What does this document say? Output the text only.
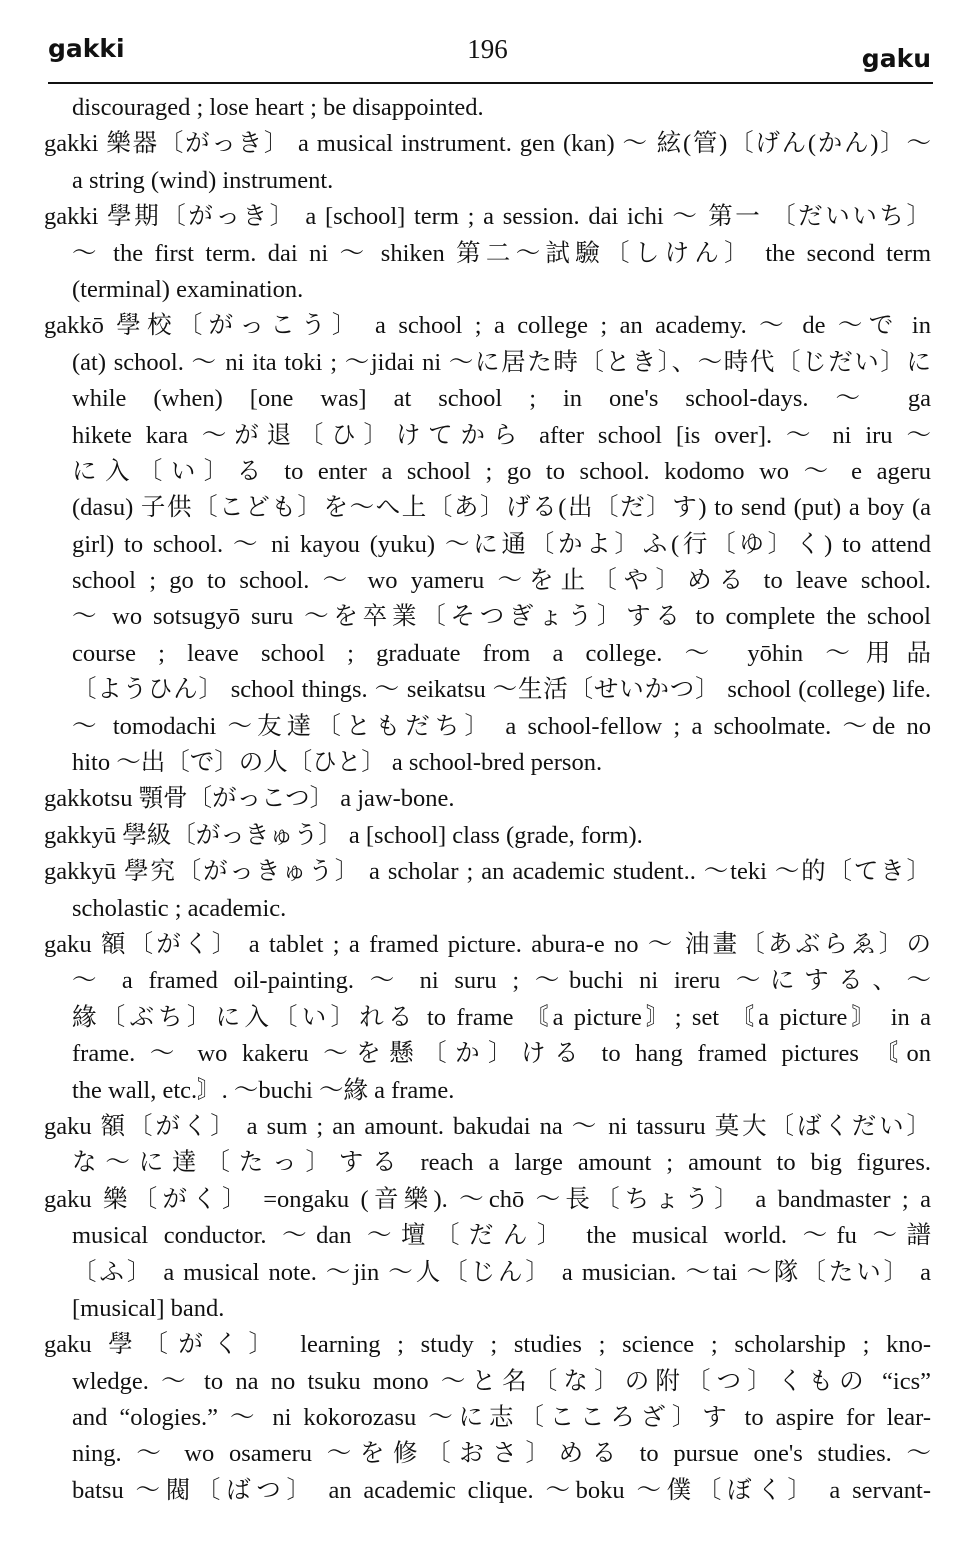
gakki	196	gaku
discouraged ; lose heart ; be disappointed.
gakki 樂器〔がっき〕 a musical instrument. gen (kan) ～ 絃(管)〔げん(かん)〕～
a string (wind) instrument.
gakki 學期〔がっき〕 a [school] term ; a session. dai ichi ～ 第一 〔だいいち〕
～ the first term. dai ni ～ shiken 第二～試驗〔しけん〕 the second term
(terminal) examination.
gakkō 學校〔がっこう〕 a school ; a college ; an academy. ～ de ～で in
(at) school. ～ ni ita toki ; ～jidai ni ～に居た時〔とき〕、～時代〔じだい〕に
while (when) [one was] at school ; in one's school-days. ～ ga
hikete kara ～が退〔ひ〕けてから after school [is over]. ～ ni iru ～
に入〔い〕る to enter a school ; go to school. kodomo wo ～ e ageru
(dasu) 子供〔こども〕を～へ上〔あ〕げる(出〔だ〕す) to send (put) a boy (a
girl) to school. ～ ni kayou (yuku) ～に通〔かよ〕ふ(行〔ゆ〕く) to attend
school ; go to school. ～ wo yameru ～を止〔や〕める to leave school.
～ wo sotsugyō suru ～を卒業〔そつぎょう〕する to complete the school
course ; leave school ; graduate from a college. ～ yōhin ～用品
〔ようひん〕 school things. ～ seikatsu ～生活〔せいかつ〕 school (college) life.
～ tomodachi ～友達〔ともだち〕 a school-fellow ; a schoolmate. ～de no
hito ～出〔で〕の人〔ひと〕 a school-bred person.
gakkotsu 顎骨〔がっこつ〕 a jaw-bone.
gakkyū 學級〔がっきゅう〕 a [school] class (grade, form).
gakkyū 學究〔がっきゅう〕 a scholar ; an academic student.. ～teki ～的〔てき〕
scholastic ; academic.
gaku 額〔がく〕 a tablet ; a framed picture. abura-e no ～ 油畫〔あぶらゑ〕の
～ a framed oil-painting. ～ ni suru ; ～buchi ni ireru ～にする、～
緣〔ぶち〕に入〔い〕れる to frame 〘a picture〙; set 〘a picture〙 in a
frame. ～ wo kakeru ～を懸〔か〕ける to hang framed pictures 〘on
the wall, etc.〙. ～buchi ～緣 a frame.
gaku 額〔がく〕 a sum ; an amount. bakudai na ～ ni tassuru 莫大〔ばくだい〕
な～に達〔たっ〕する reach a large amount ; amount to big figures.
gaku 樂〔がく〕 =ongaku (音樂). ～chō ～長〔ちょう〕 a bandmaster ; a
musical conductor. ～dan ～壇〔だん〕 the musical world. ～fu ～譜
〔ふ〕 a musical note. ～jin ～人〔じん〕 a musician. ～tai ～隊〔たい〕 a
[musical] band.
gaku 學〔がく〕 learning ; study ; studies ; science ; scholarship ; kno-
wledge. ～ to na no tsuku mono ～と名〔な〕の附〔つ〕くもの “ics”
and “ologies.” ～ ni kokorozasu ～に志〔こころざ〕す to aspire for lear-
ning. ～ wo osameru ～を修〔おさ〕める to pursue one's studies. ～
batsu ～閥〔ばつ〕 an academic clique. ～boku ～僕〔ぼく〕 a servant-
